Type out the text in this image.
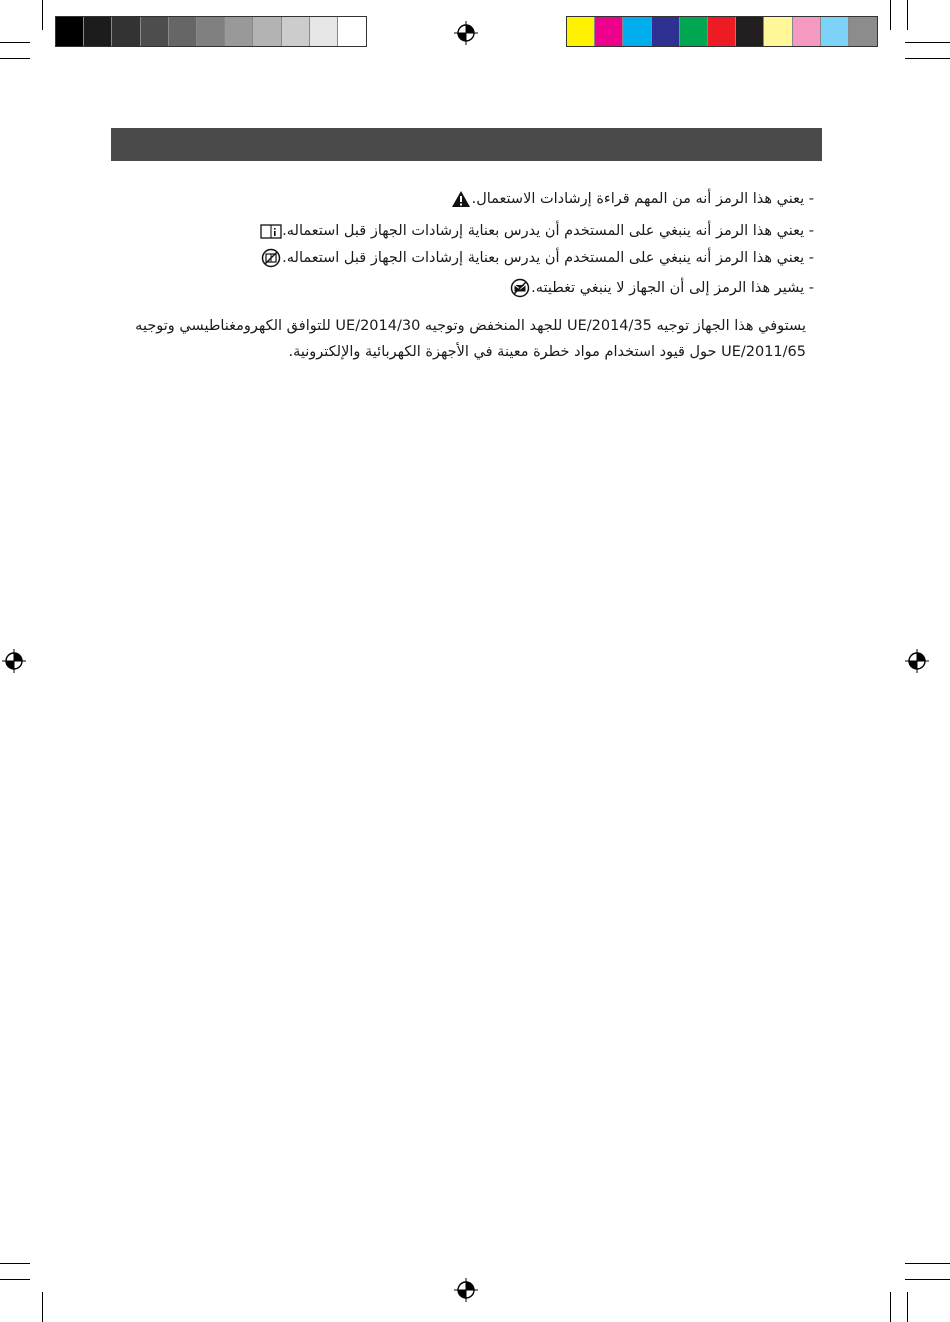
- يعني هذا الرمز أنه من المهم قراءة إرشادات الاستعمال.
- يعني هذا الرمز أنه ينبغي على المستخدم أن يدرس بعناية إرشادات الجهاز قبل استعماله.
- يعني هذا الرمز أنه ينبغي على المستخدم أن يدرس بعناية إرشادات الجهاز قبل استعماله.
- يشير هذا الرمز إلى أن الجهاز لا ينبغي تغطيته.

يستوفي هذا الجهاز توجيه UE/2014/35 للجهد المنخفض وتوجيه UE/2014/30 للتوافق الكهرومغناطيسي وتوجيه

UE/2011/65 حول قيود استخدام مواد خطرة معينة في الأجهزة الكهربائية والإلكترونية.
